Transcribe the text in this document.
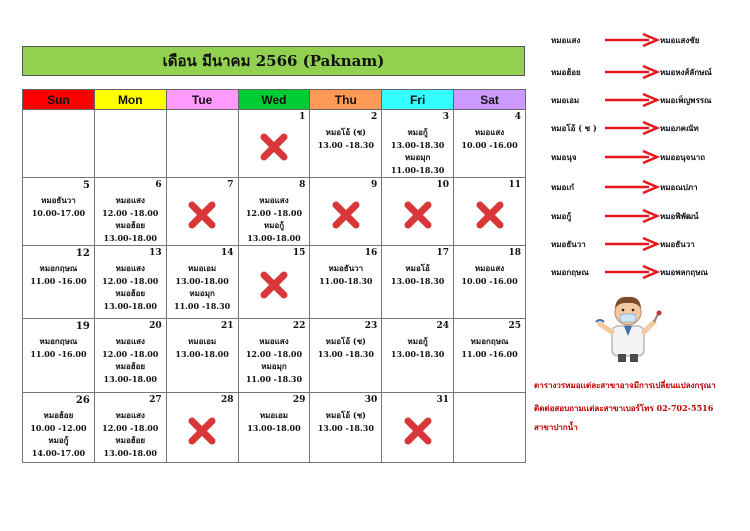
เดือน มีนาคม 2566 (Paknam)
Sun	Mon	Tue	Wed	Thu	Fri	Sat

			1	2
หมอโอ้ (ช)
13.00 -18.30	3
หมอกู้
13.00-18.30
หมอมุก
11.00-18.30	4
หมอแสง
10.00 -16.00

5
หมอธันวา
10.00-17.00	6
หมอแสง
12.00 -18.00
หมอฮ้อย
13.00-18.00	7	8
หมอแสง
12.00 -18.00
หมอกู้
13.00-18.00	9	10	11

12
หมอกฤษณ
11.00 -16.00	13
หมอแสง
12.00 -18.00
หมอฮ้อย
13.00-18.00	14
หมอเอม
13.00-18.00
หมอมุก
11.00 -18.30	15	16
หมอธันวา
11.00-18.30	17
หมอโอ้
13.00-18.30	18
หมอแสง
10.00 -16.00

19
หมอกฤษณ
11.00 -16.00	20
หมอแสง
12.00 -18.00
หมอฮ้อย
13.00-18.00	21
หมอเอม
13.00-18.00	22
หมอแสง
12.00 -18.00
หมอมุก
11.00 -18.30	23
หมอโอ้ (ช)
13.00 -18.30	24
หมอกู้
13.00-18.30	25
หมอกฤษณ
11.00 -16.00

26
หมอฮ้อย
10.00 -12.00
หมอกู้
14.00-17.00	27
หมอแสง
12.00 -18.00
หมอฮ้อย
13.00-18.00	28	29
หมอเอม
13.00-18.00	30
หมอโอ้ (ช)
13.00 -18.30	31	

หมอแสง	หมอแสงชัย
หมอฮ้อย	หมอหงส์ลักษณ์
หมอเอม	หมอเพ็ญพรรณ
หมอโอ้ ( ช )	หมอภคณัท
หมอนุจ	หมออนุจนาถ
หมอเก๋	หมอณปภา
หมอกู้	หมอพิพัฒน์
หมอธันวา	หมอธันวา
หมอกฤษณ	หมอพลกฤษณ
ตารางวรหมอเเต่ละสาขาอาจมีการเปลี่ยนแปลงกรุณา
ติดต่อสอบถามเเต่ละสาขาเบอร์โทร 02-702-5516
สาขาปากน้ำ
